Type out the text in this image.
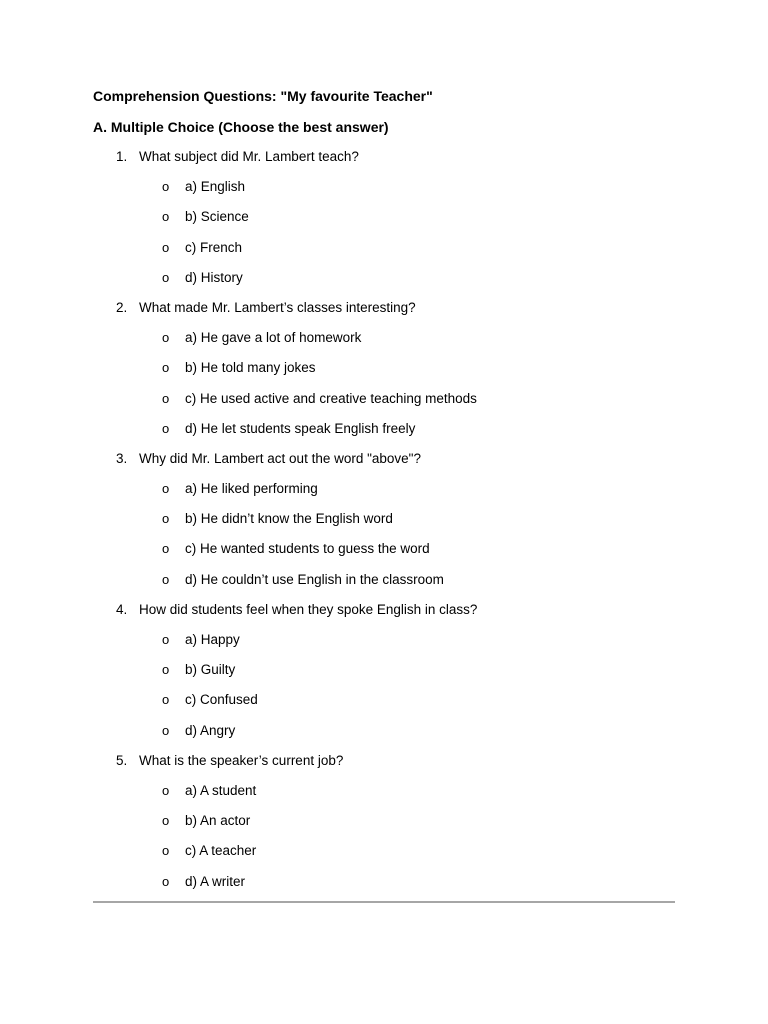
Comprehension Questions: "My favourite Teacher"
A. Multiple Choice (Choose the best answer)
1. What subject did Mr. Lambert teach?
o a) English
o b) Science
o c) French
o d) History
2. What made Mr. Lambert’s classes interesting?
o a) He gave a lot of homework
o b) He told many jokes
o c) He used active and creative teaching methods
o d) He let students speak English freely
3. Why did Mr. Lambert act out the word "above"?
o a) He liked performing
o b) He didn’t know the English word
o c) He wanted students to guess the word
o d) He couldn’t use English in the classroom
4. How did students feel when they spoke English in class?
o a) Happy
o b) Guilty
o c) Confused
o d) Angry
5. What is the speaker’s current job?
o a) A student
o b) An actor
o c) A teacher
o d) A writer
